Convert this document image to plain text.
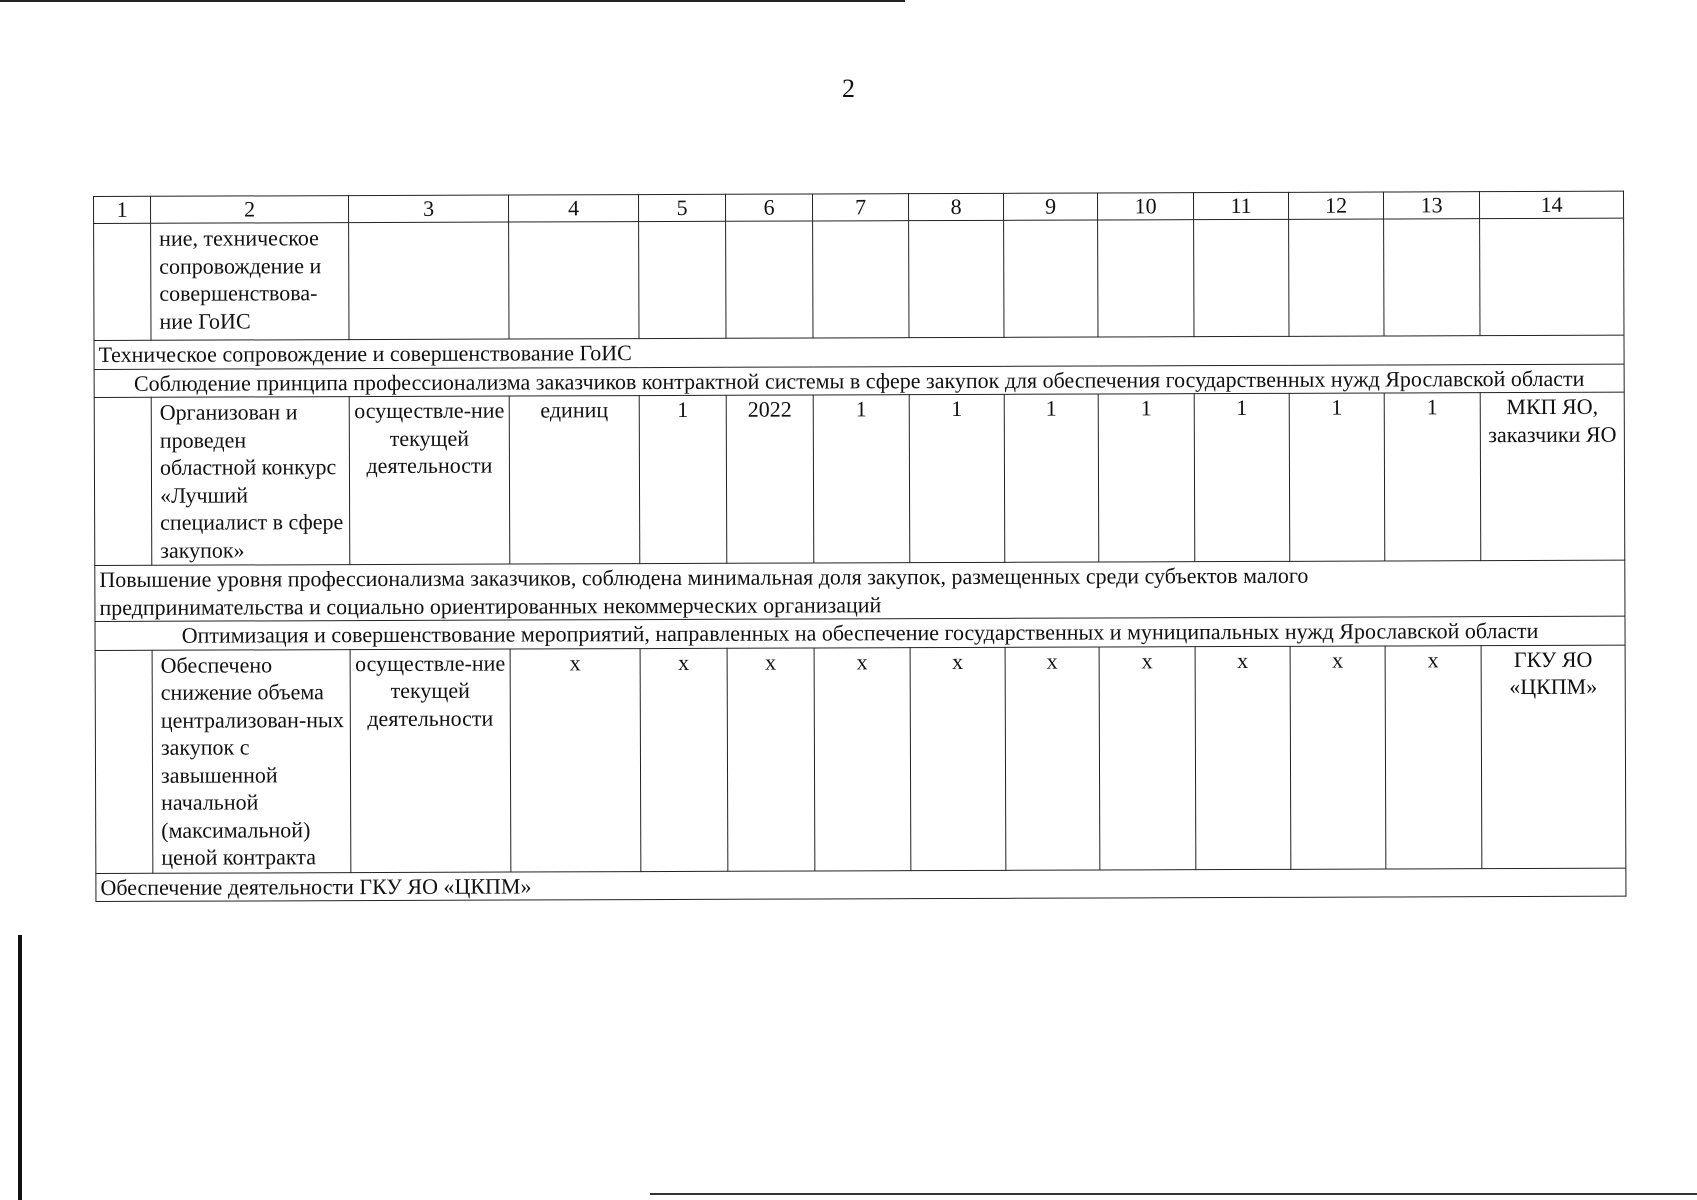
2
1	2	3	4	5	6	7	8	9	10	11	12	13	14
	ние, техническое сопровождение и совершенствова-ние ГоИС												
Техническое сопровождение и совершенствование ГоИС													
Соблюдение принципа профессионализма заказчиков контрактной системы в сфере закупок для обеспечения государственных нужд Ярославской области													
	Организован и проведен областной конкурс «Лучший специалист в сфере закупок»	осуществле-ние текущей деятельности	единиц	1	2022	1	1	1	1	1	1	1	МКП ЯО, заказчики ЯО
Повышение уровня профессионализма заказчиков, соблюдена минимальная доля закупок, размещенных среди субъектов малого предпринимательства и социально ориентированных некоммерческих организаций													
Оптимизация и совершенствование мероприятий, направленных на обеспечение государственных и муниципальных нужд Ярославской области													
	Обеспечено снижение объема централизован-ных закупок с завышенной начальной (максимальной) ценой контракта	осуществле-ние текущей деятельности	x	x	x	x	x	x	x	x	x	x	ГКУ ЯО «ЦКПМ»
Обеспечение деятельности ГКУ ЯО «ЦКПМ»													
